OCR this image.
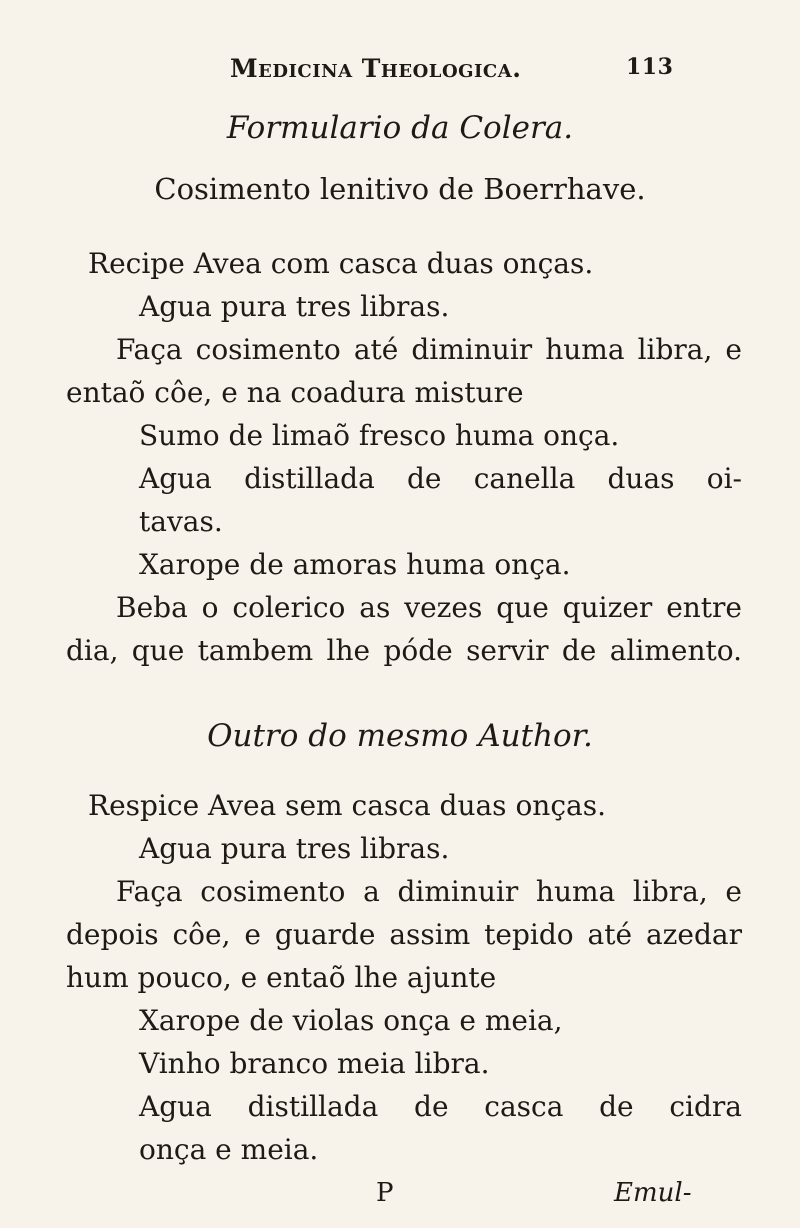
Medicina Theologica.	113
Formulario da Colera.
Cosimento lenitivo de Boerrhave.
Recipe Avea com casca duas onças.
Agua pura tres libras.
Faça cosimento até diminuir huma libra, e
entaõ côe, e na coadura misture
Sumo de limaõ fresco huma onça.
Agua distillada de canella duas oi-
tavas.
Xarope de amoras huma onça.
Beba o colerico as vezes que quizer entre
dia, que tambem lhe póde servir de alimento.
Outro do mesmo Author.
Respice Avea sem casca duas onças.
Agua pura tres libras.
Faça cosimento a diminuir huma libra, e
depois côe, e guarde assim tepido até azedar
hum pouco, e entaõ lhe ajunte
Xarope de violas onça e meia,
Vinho branco meia libra.
Agua distillada de casca de cidra
onça e meia.
P	Emul-
